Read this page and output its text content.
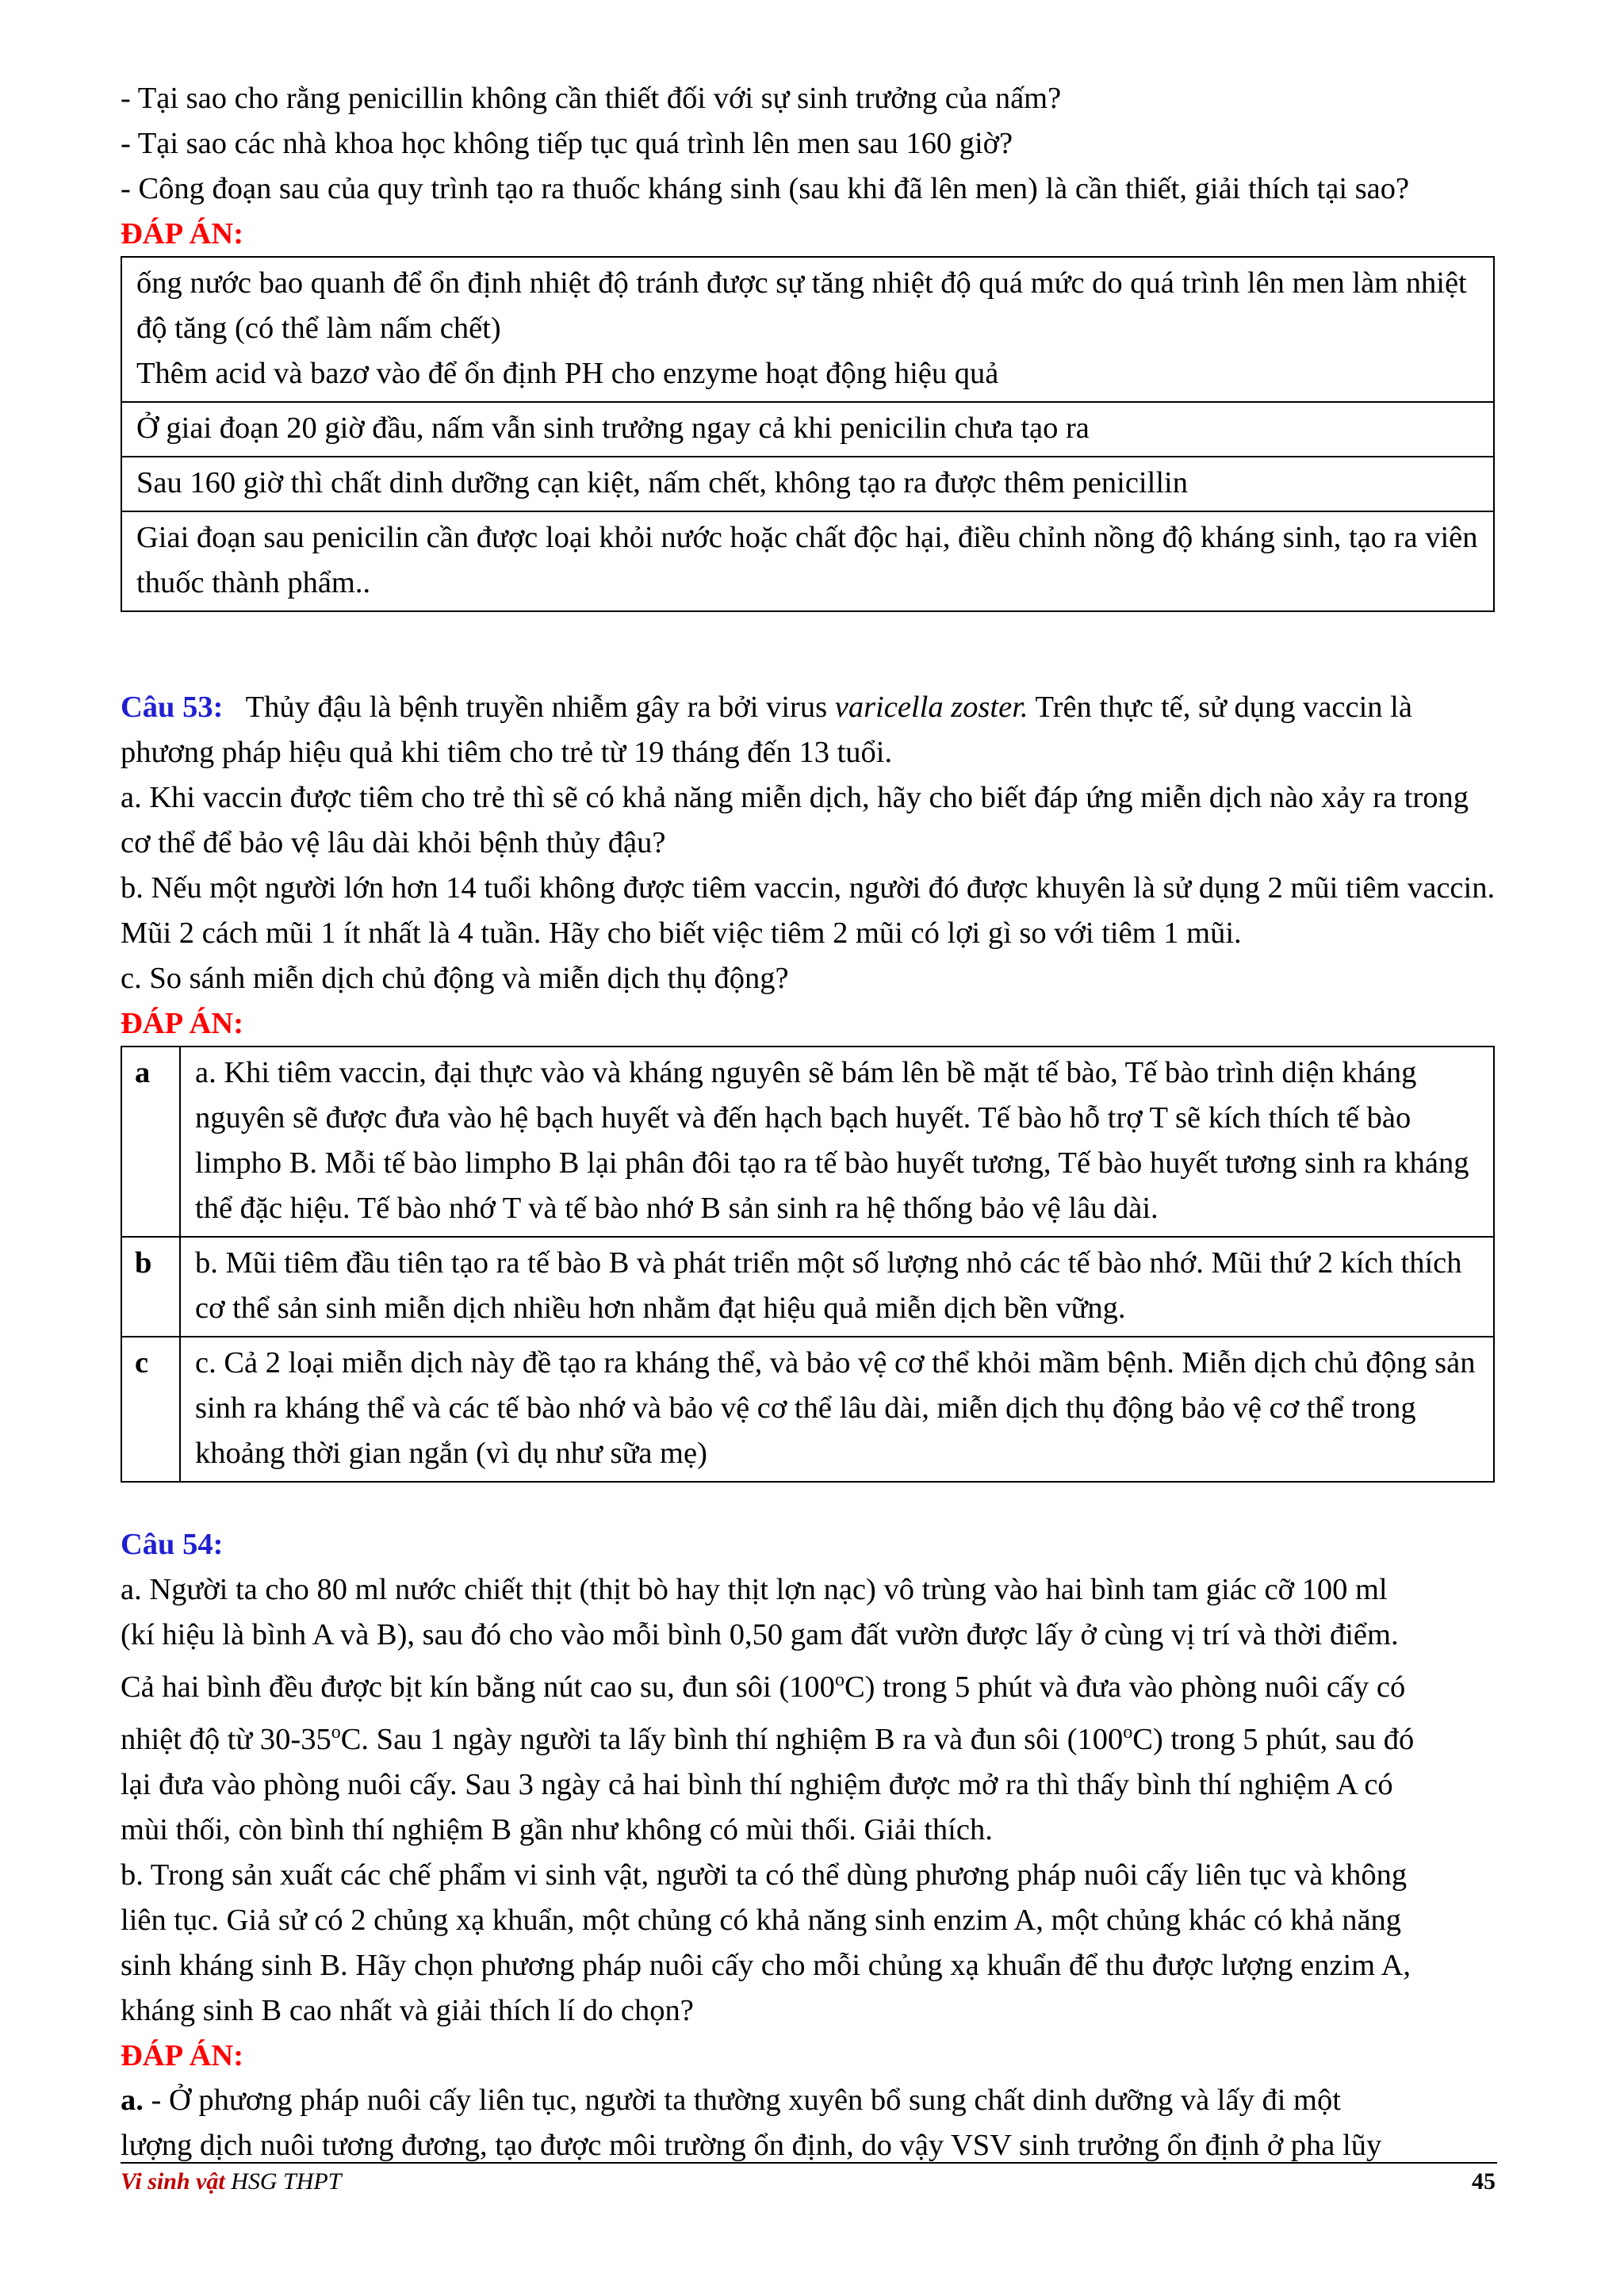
- Tại sao cho rằng penicillin không cần thiết đối với sự sinh trưởng của nấm?

- Tại sao các nhà khoa học không tiếp tục quá trình lên men sau 160 giờ?

- Công đoạn sau của quy trình tạo ra thuốc kháng sinh (sau khi đã lên men) là cần thiết, giải thích tại sao?

ĐÁP ÁN:

ống nước bao quanh để ổn định nhiệt độ tránh được sự tăng nhiệt độ quá mức do quá trình lên men làm nhiệt độ tăng (có thể làm nấm chết)
Thêm acid và bazơ vào để ổn định PH cho enzyme hoạt động hiệu quả
Ở giai đoạn 20 giờ đầu, nấm vẫn sinh trưởng ngay cả khi penicilin chưa tạo ra
Sau 160 giờ thì chất dinh dưỡng cạn kiệt, nấm chết, không tạo ra được thêm penicillin
Giai đoạn sau penicilin cần được loại khỏi nước hoặc chất độc hại, điều chỉnh nồng độ kháng sinh, tạo ra viên thuốc thành phẩm..

Câu 53: Thủy đậu là bệnh truyền nhiễm gây ra bởi virus varicella zoster. Trên thực tế, sử dụng vaccin là phương pháp hiệu quả khi tiêm cho trẻ từ 19 tháng đến 13 tuổi.

a. Khi vaccin được tiêm cho trẻ thì sẽ có khả năng miễn dịch, hãy cho biết đáp ứng miễn dịch nào xảy ra trong cơ thể để bảo vệ lâu dài khỏi bệnh thủy đậu?

b. Nếu một người lớn hơn 14 tuổi không được tiêm vaccin, người đó được khuyên là sử dụng 2 mũi tiêm vaccin. Mũi 2 cách mũi 1 ít nhất là 4 tuần. Hãy cho biết việc tiêm 2 mũi có lợi gì so với tiêm 1 mũi.

c. So sánh miễn dịch chủ động và miễn dịch thụ động?

ĐÁP ÁN:

a	a. Khi tiêm vaccin, đại thực vào và kháng nguyên sẽ bám lên bề mặt tế bào, Tế bào trình diện kháng nguyên sẽ được đưa vào hệ bạch huyết và đến hạch bạch huyết. Tế bào hỗ trợ T sẽ kích thích tế bào limpho B. Mỗi tế bào limpho B lại phân đôi tạo ra tế bào huyết tương, Tế bào huyết tương sinh ra kháng thể đặc hiệu. Tế bào nhớ T và tế bào nhớ B sản sinh ra hệ thống bảo vệ lâu dài.
b	b. Mũi tiêm đầu tiên tạo ra tế bào B và phát triển một số lượng nhỏ các tế bào nhớ. Mũi thứ 2 kích thích cơ thể sản sinh miễn dịch nhiều hơn nhằm đạt hiệu quả miễn dịch bền vững.
c	c. Cả 2 loại miễn dịch này đề tạo ra kháng thể, và bảo vệ cơ thể khỏi mầm bệnh. Miễn dịch chủ động sản sinh ra kháng thể và các tế bào nhớ và bảo vệ cơ thể lâu dài, miễn dịch thụ động bảo vệ cơ thể trong khoảng thời gian ngắn (vì dụ như sữa mẹ)

Câu 54:

a. Người ta cho 80 ml nước chiết thịt (thịt bò hay thịt lợn nạc) vô trùng vào hai bình tam giác cỡ 100 ml

(kí hiệu là bình A và B), sau đó cho vào mỗi bình 0,50 gam đất vườn được lấy ở cùng vị trí và thời điểm.

Cả hai bình đều được bịt kín bằng nút cao su, đun sôi (100$^o$C) trong 5 phút và đưa vào phòng nuôi cấy có

nhiệt độ từ 30-35$^o$C. Sau 1 ngày người ta lấy bình thí nghiệm B ra và đun sôi (100$^o$C) trong 5 phút, sau đó

lại đưa vào phòng nuôi cấy. Sau 3 ngày cả hai bình thí nghiệm được mở ra thì thấy bình thí nghiệm A có

mùi thối, còn bình thí nghiệm B gần như không có mùi thối. Giải thích.

b. Trong sản xuất các chế phẩm vi sinh vật, người ta có thể dùng phương pháp nuôi cấy liên tục và không

liên tục. Giả sử có 2 chủng xạ khuẩn, một chủng có khả năng sinh enzim A, một chủng khác có khả năng

sinh kháng sinh B. Hãy chọn phương pháp nuôi cấy cho mỗi chủng xạ khuẩn để thu được lượng enzim A,

kháng sinh B cao nhất và giải thích lí do chọn?

ĐÁP ÁN:

a. - Ở phương pháp nuôi cấy liên tục, người ta thường xuyên bổ sung chất dinh dưỡng và lấy đi một

lượng dịch nuôi tương đương, tạo được môi trường ổn định, do vậy VSV sinh trưởng ổn định ở pha lũy

Vi sinh vật HSG THPT	45
